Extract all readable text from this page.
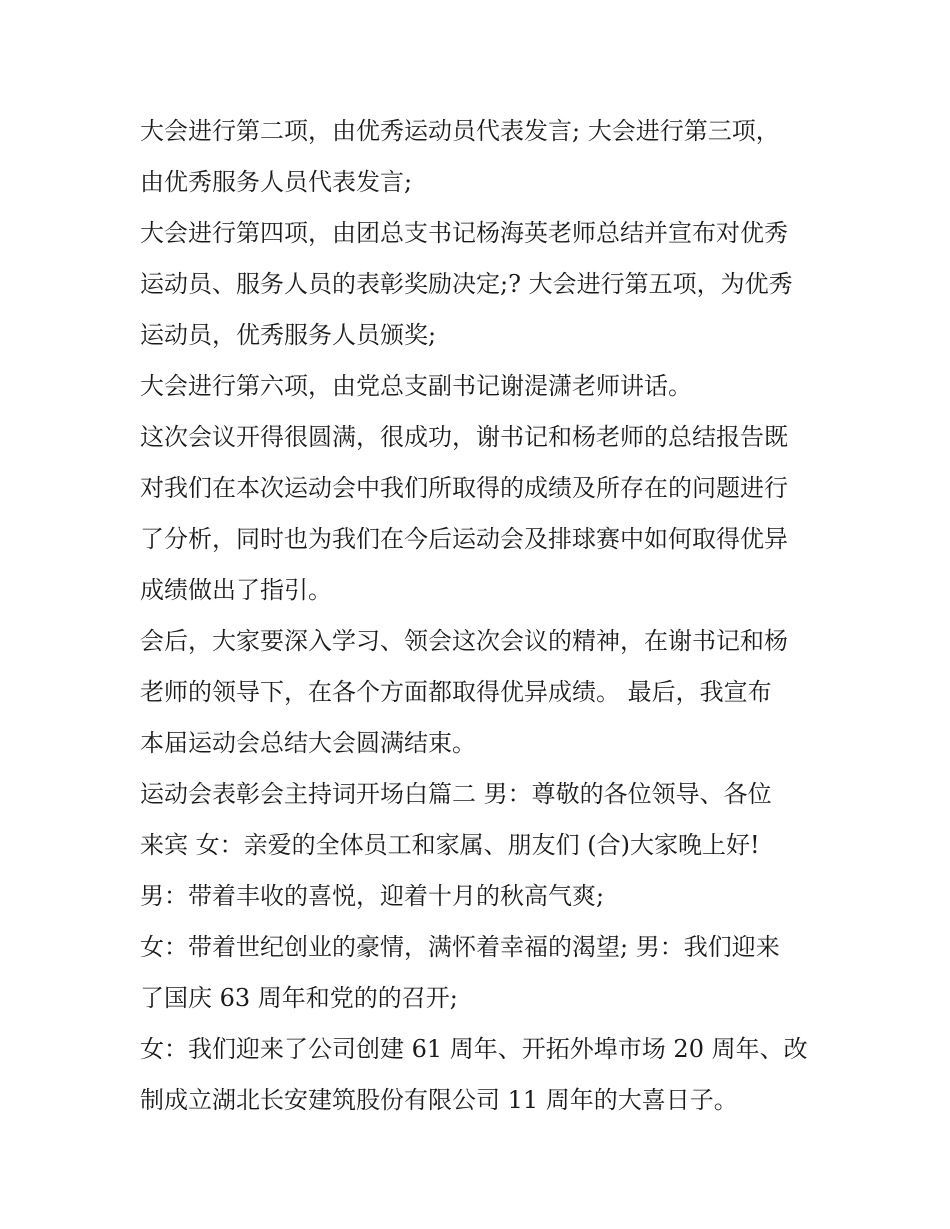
大会进行第二项，由优秀运动员代表发言; 大会进行第三项，
由优秀服务人员代表发言;
大会进行第四项，由团总支书记杨海英老师总结并宣布对优秀
运动员、服务人员的表彰奖励决定;? 大会进行第五项，为优秀
运动员，优秀服务人员颁奖;
大会进行第六项，由党总支副书记谢湜潇老师讲话。
这次会议开得很圆满，很成功，谢书记和杨老师的总结报告既
对我们在本次运动会中我们所取得的成绩及所存在的问题进行
了分析，同时也为我们在今后运动会及排球赛中如何取得优异
成绩做出了指引。
会后，大家要深入学习、领会这次会议的精神，在谢书记和杨
老师的领导下，在各个方面都取得优异成绩。 最后，我宣布
本届运动会总结大会圆满结束。
运动会表彰会主持词开场白篇二 男：尊敬的各位领导、各位
来宾 女：亲爱的全体员工和家属、朋友们 (合)大家晚上好!
男：带着丰收的喜悦，迎着十月的秋高气爽;
女：带着世纪创业的豪情，满怀着幸福的渴望; 男：我们迎来
了国庆 63 周年和党的的召开;
女：我们迎来了公司创建 61 周年、开拓外埠市场 20 周年、改
制成立湖北长安建筑股份有限公司 11 周年的大喜日子。
